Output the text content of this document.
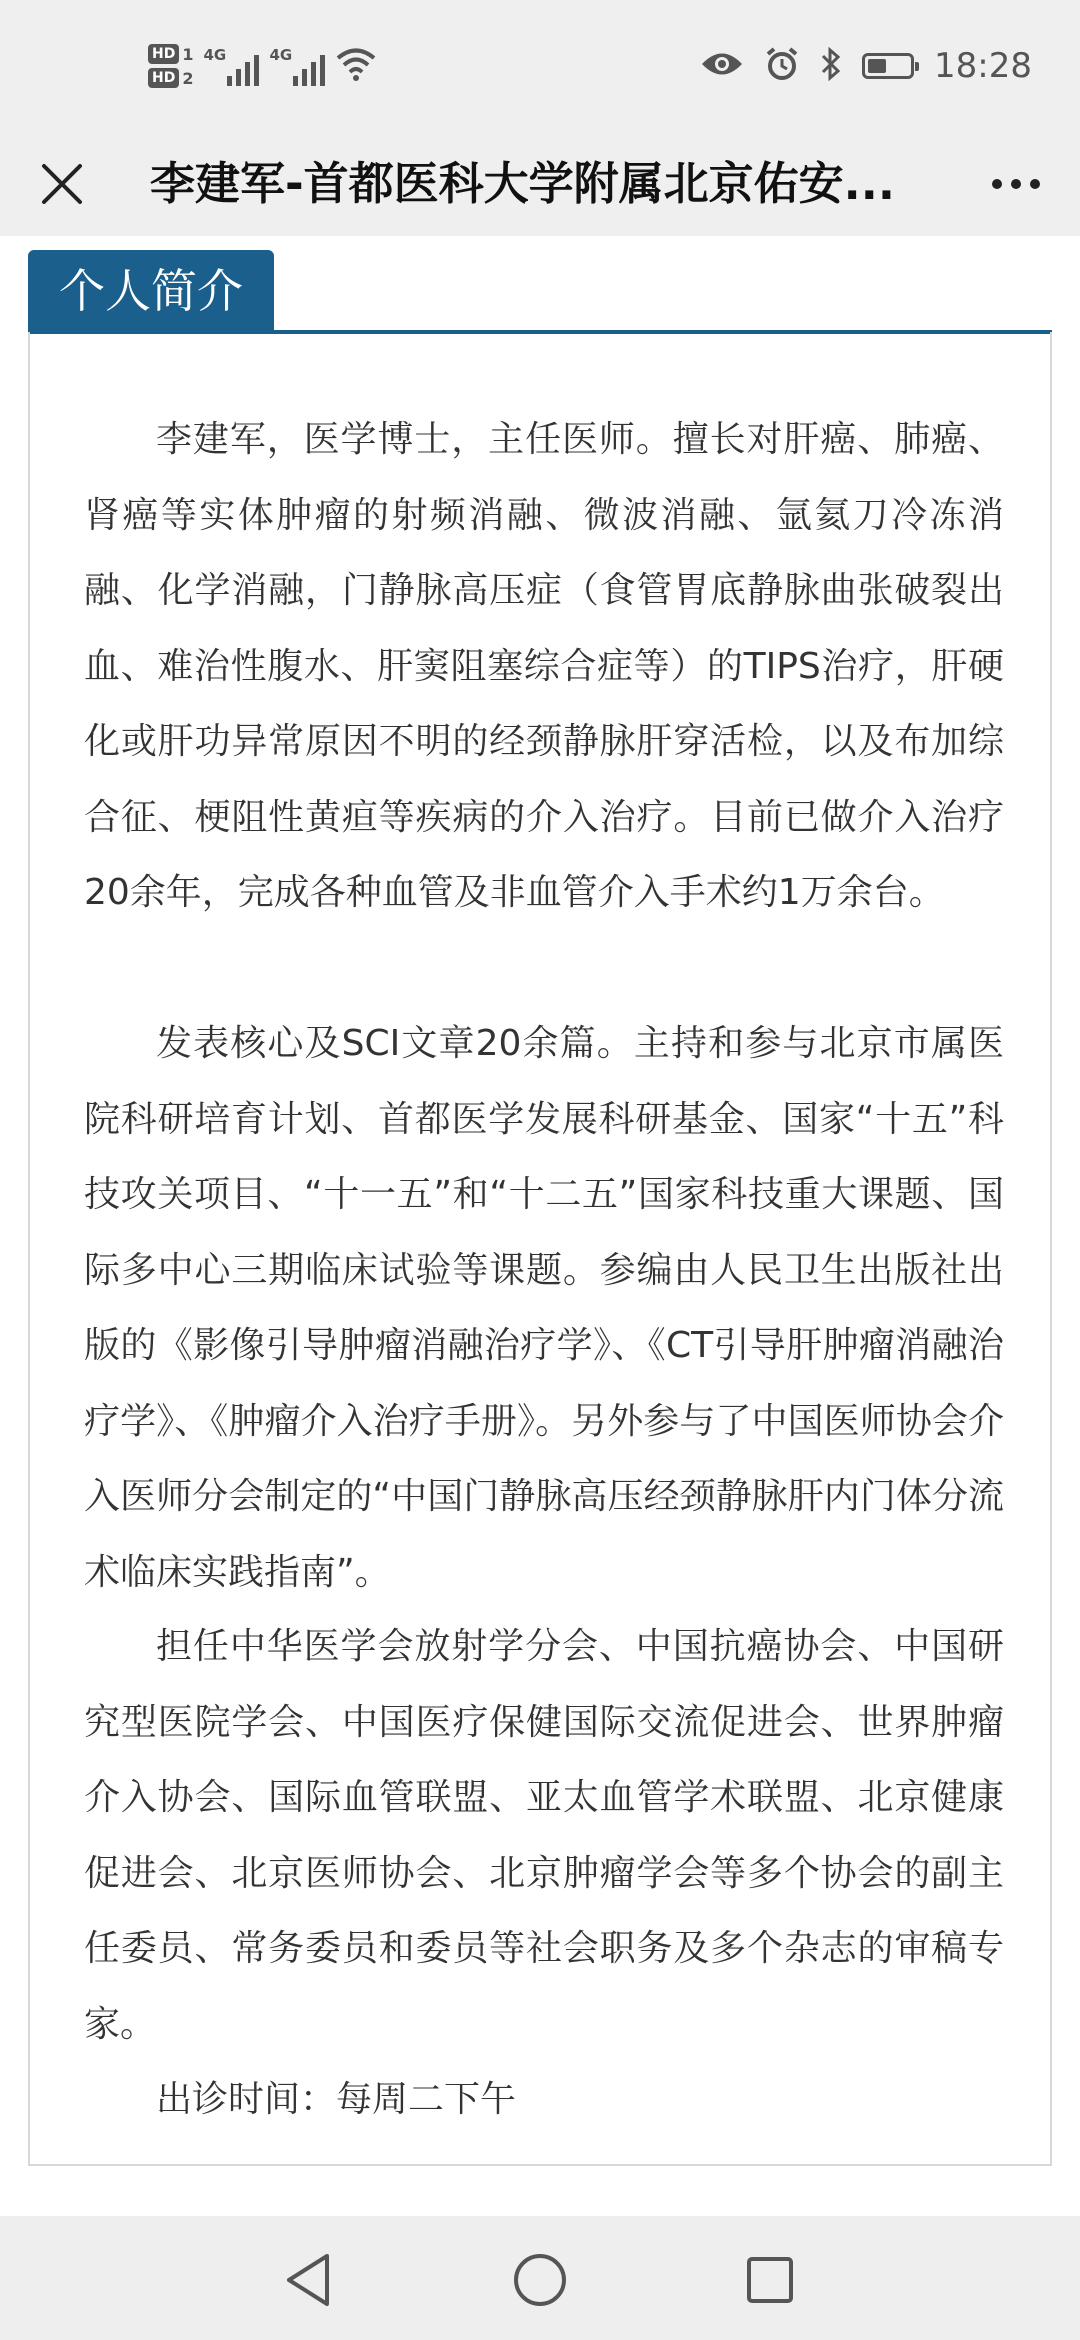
HD 1
HD 2
4G	4G	18:28
李建军-首都医科大学附属北京佑安...
个人简介

李建军，医学博士，主任医师。擅长对肝癌、肺癌、肾癌等实体肿瘤的射频消融、微波消融、氩氦刀冷冻消融、化学消融，门静脉高压症（食管胃底静脉曲张破裂出血、难治性腹水、肝窦阻塞综合症等）的TIPS治疗，肝硬化或肝功异常原因不明的经颈静脉肝穿活检，以及布加综合征、梗阻性黄疸等疾病的介入治疗。目前已做介入治疗20余年，完成各种血管及非血管介入手术约1万余台。

发表核心及SCI文章20余篇。主持和参与北京市属医院科研培育计划、首都医学发展科研基金、国家“十五”科技攻关项目、“十一五”和“十二五”国家科技重大课题、国际多中心三期临床试验等课题。参编由人民卫生出版社出版的《影像引导肿瘤消融治疗学》、《CT引导肝肿瘤消融治疗学》、《肿瘤介入治疗手册》。另外参与了中国医师协会介入医师分会制定的“中国门静脉高压经颈静脉肝内门体分流术临床实践指南”。

担任中华医学会放射学分会、中国抗癌协会、中国研究型医院学会、中国医疗保健国际交流促进会、世界肿瘤介入协会、国际血管联盟、亚太血管学术联盟、北京健康促进会、北京医师协会、北京肿瘤学会等多个协会的副主任委员、常务委员和委员等社会职务及多个杂志的审稿专家。

出诊时间：每周二下午
